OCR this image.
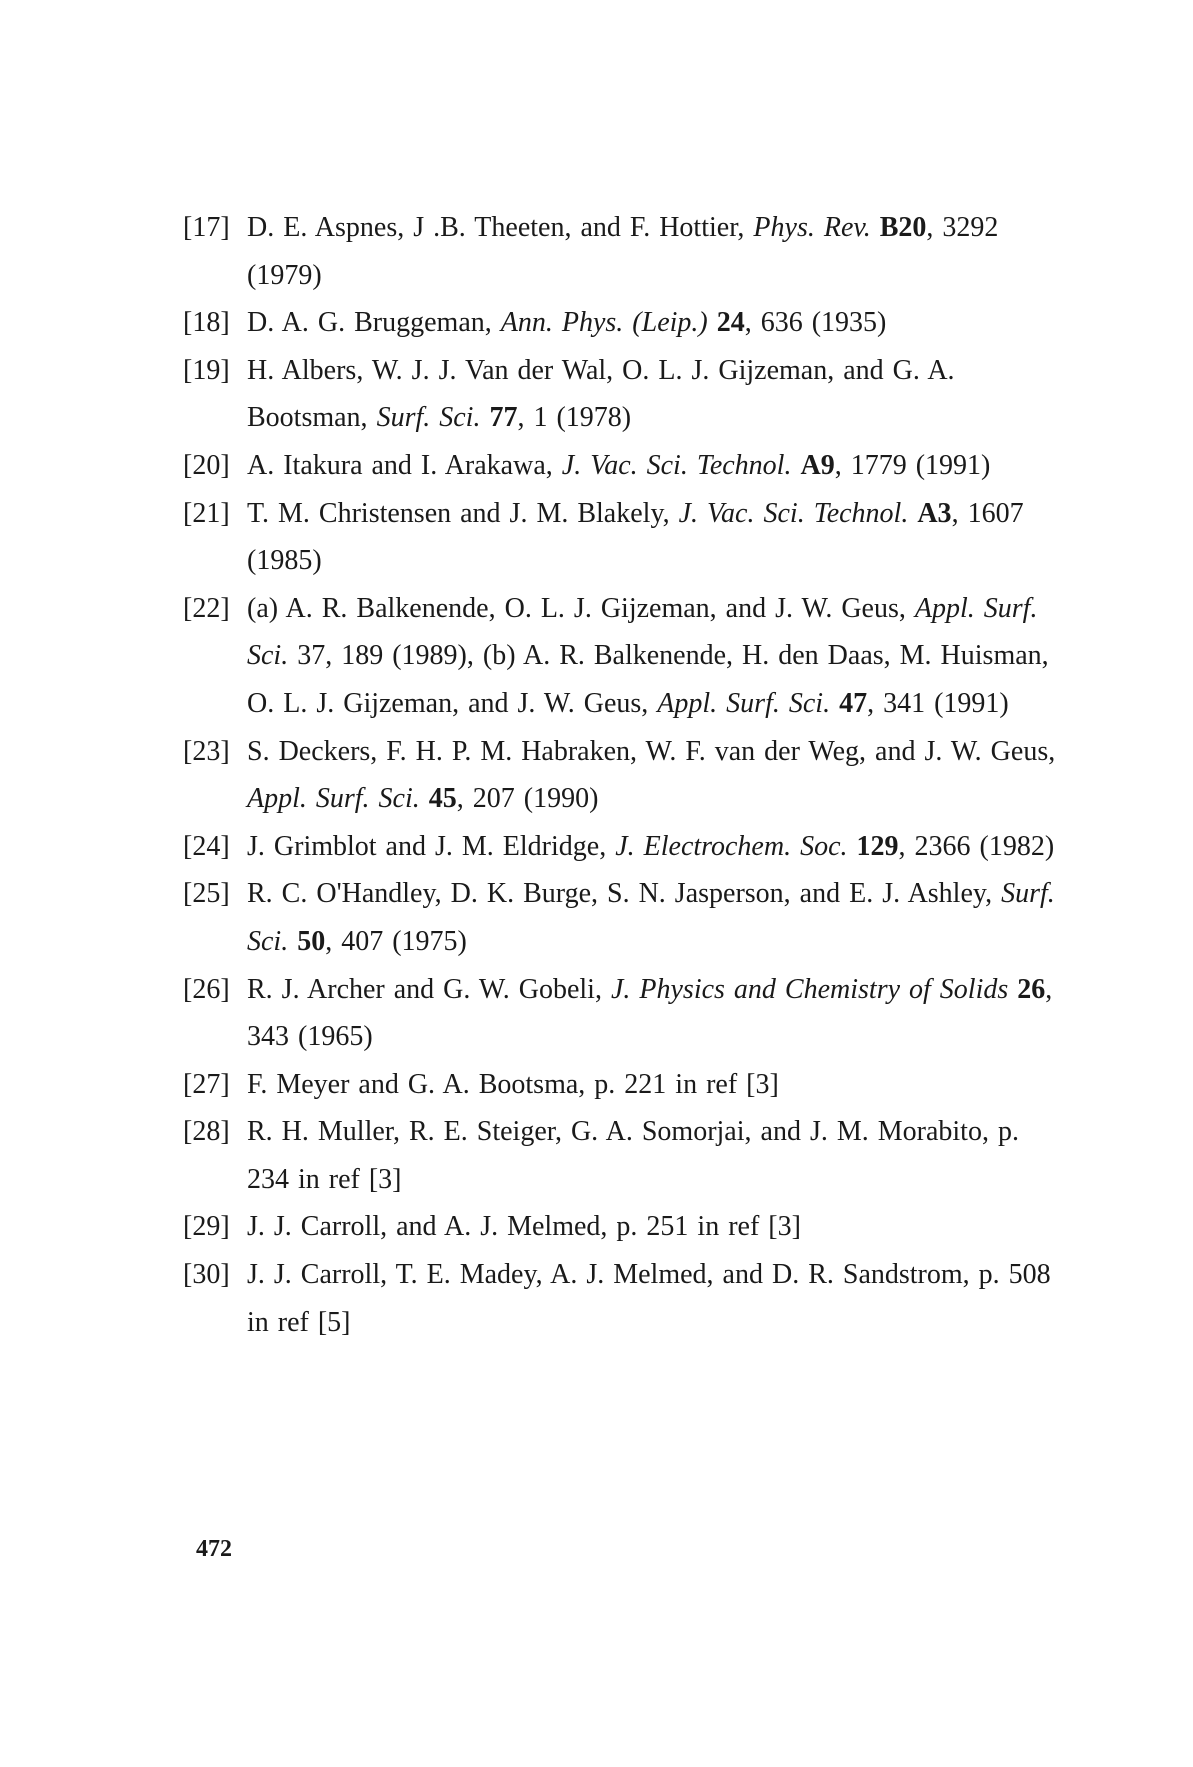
[17] D. E. Aspnes, J .B. Theeten, and F. Hottier, Phys. Rev. B20, 3292 (1979)
[18] D. A. G. Bruggeman, Ann. Phys. (Leip.) 24, 636 (1935)
[19] H. Albers, W. J. J. Van der Wal, O. L. J. Gijzeman, and G. A. Bootsman, Surf. Sci. 77, 1 (1978)
[20] A. Itakura and I. Arakawa, J. Vac. Sci. Technol. A9, 1779 (1991)
[21] T. M. Christensen and J. M. Blakely, J. Vac. Sci. Technol. A3, 1607 (1985)
[22] (a) A. R. Balkenende, O. L. J. Gijzeman, and J. W. Geus, Appl. Surf. Sci. 37, 189 (1989), (b) A. R. Balkenende, H. den Daas, M. Huisman, O. L. J. Gijzeman, and J. W. Geus, Appl. Surf. Sci. 47, 341 (1991)
[23] S. Deckers, F. H. P. M. Habraken, W. F. van der Weg, and J. W. Geus, Appl. Surf. Sci. 45, 207 (1990)
[24] J. Grimblot and J. M. Eldridge, J. Electrochem. Soc. 129, 2366 (1982)
[25] R. C. O'Handley, D. K. Burge, S. N. Jasperson, and E. J. Ashley, Surf. Sci. 50, 407 (1975)
[26] R. J. Archer and G. W. Gobeli, J. Physics and Chemistry of Solids 26, 343 (1965)
[27] F. Meyer and G. A. Bootsma, p. 221 in ref [3]
[28] R. H. Muller, R. E. Steiger, G. A. Somorjai, and J. M. Morabito, p. 234 in ref [3]
[29] J. J. Carroll, and A. J. Melmed, p. 251 in ref [3]
[30] J. J. Carroll, T. E. Madey, A. J. Melmed, and D. R. Sandstrom, p. 508 in ref [5]
472
